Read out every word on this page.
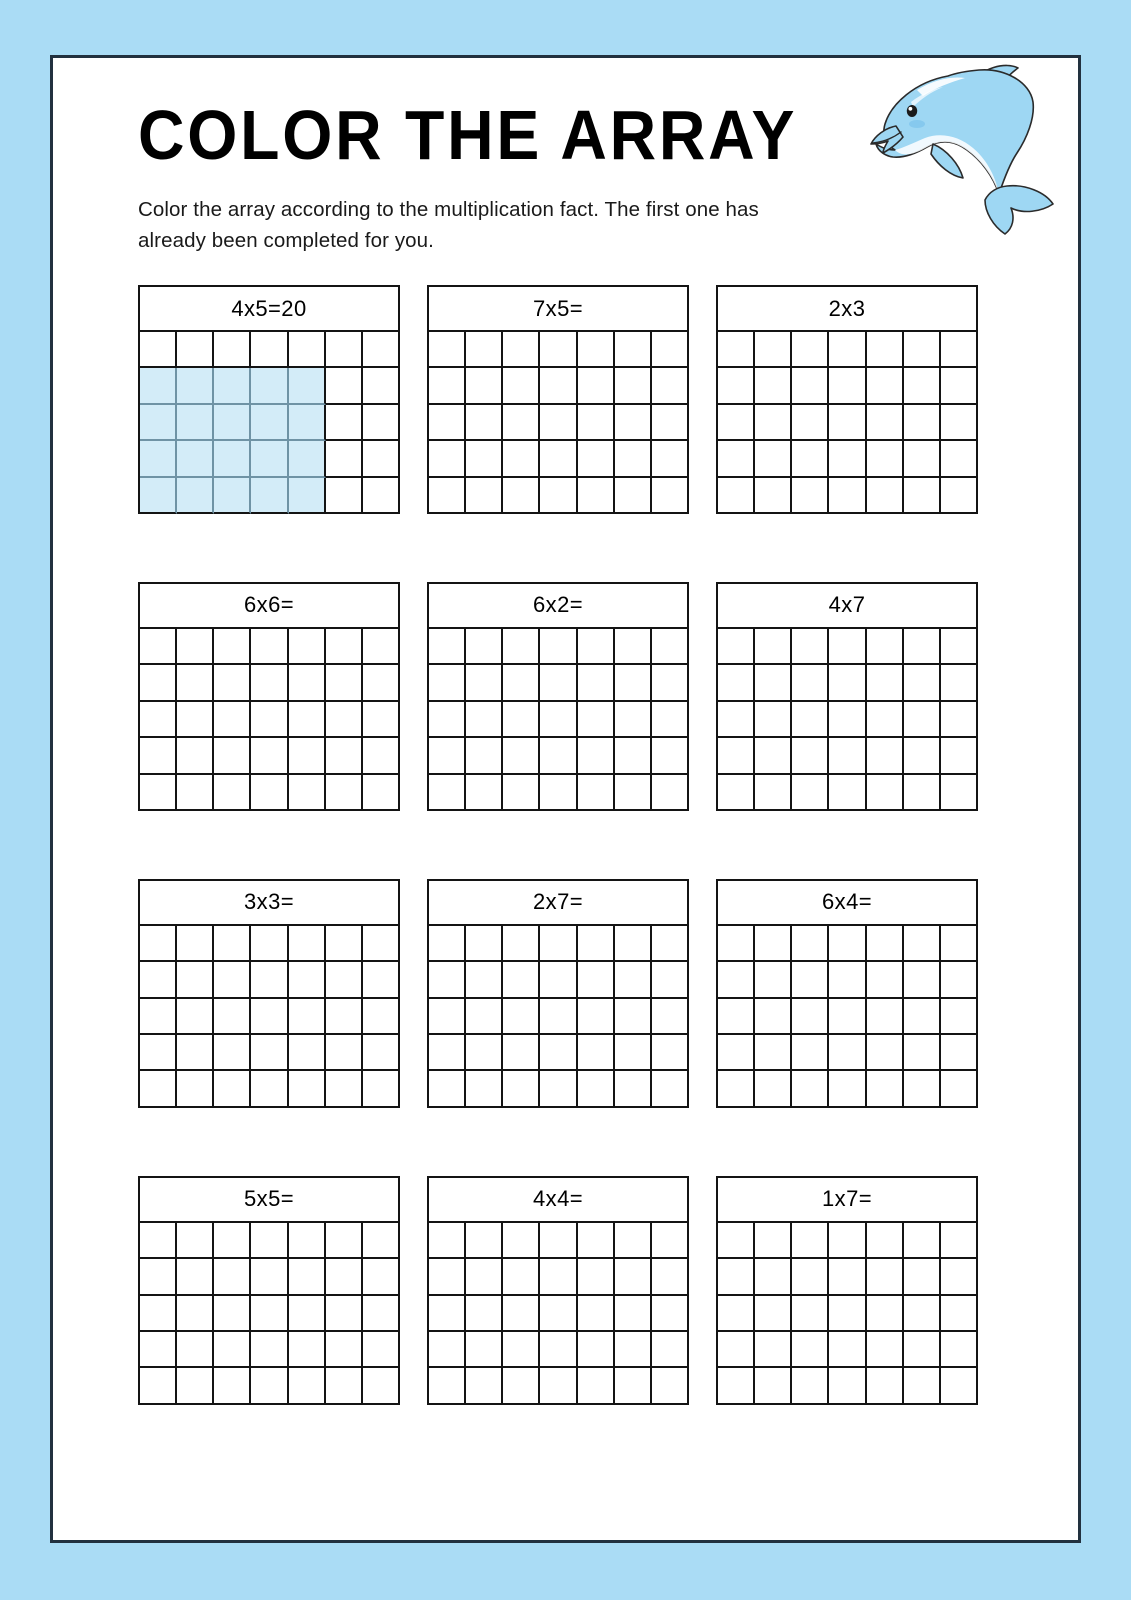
COLOR THE ARRAY
Color the array according to the multiplication fact. The first one has already been completed for you.
4x5=20	7x5=	2x3
6x6=	6x2=	4x7
3x3=	2x7=	6x4=
5x5=	4x4=	1x7=
